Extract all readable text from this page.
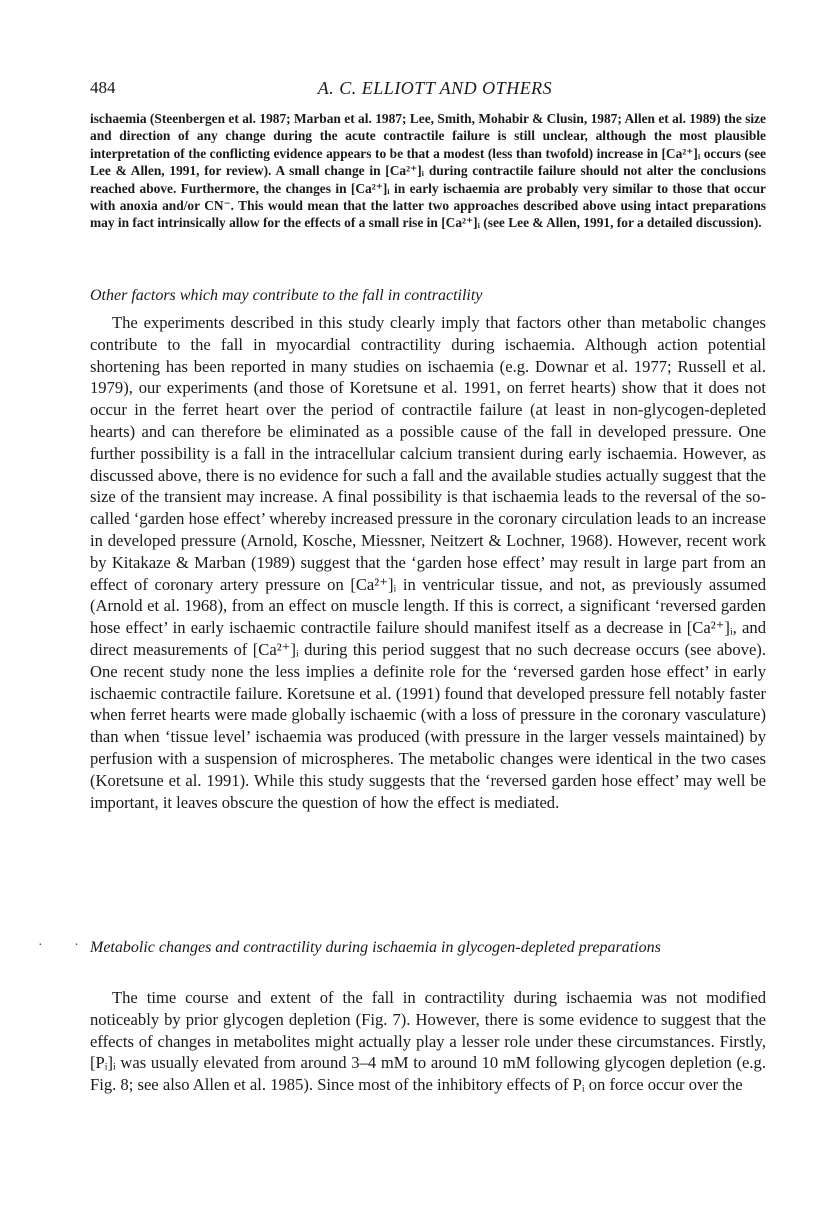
484	A. C. ELLIOTT AND OTHERS
ischaemia (Steenbergen et al. 1987; Marban et al. 1987; Lee, Smith, Mohabir & Clusin, 1987; Allen et al. 1989) the size and direction of any change during the acute contractile failure is still unclear, although the most plausible interpretation of the conflicting evidence appears to be that a modest (less than twofold) increase in [Ca²⁺]ᵢ occurs (see Lee & Allen, 1991, for review). A small change in [Ca²⁺]ᵢ during contractile failure should not alter the conclusions reached above. Furthermore, the changes in [Ca²⁺]ᵢ in early ischaemia are probably very similar to those that occur with anoxia and/or CN⁻. This would mean that the latter two approaches described above using intact preparations may in fact intrinsically allow for the effects of a small rise in [Ca²⁺]ᵢ (see Lee & Allen, 1991, for a detailed discussion).
Other factors which may contribute to the fall in contractility
The experiments described in this study clearly imply that factors other than metabolic changes contribute to the fall in myocardial contractility during ischaemia. Although action potential shortening has been reported in many studies on ischaemia (e.g. Downar et al. 1977; Russell et al. 1979), our experiments (and those of Koretsune et al. 1991, on ferret hearts) show that it does not occur in the ferret heart over the period of contractile failure (at least in non-glycogen-depleted hearts) and can therefore be eliminated as a possible cause of the fall in developed pressure. One further possibility is a fall in the intracellular calcium transient during early ischaemia. However, as discussed above, there is no evidence for such a fall and the available studies actually suggest that the size of the transient may increase. A final possibility is that ischaemia leads to the reversal of the so-called ‘garden hose effect’ whereby increased pressure in the coronary circulation leads to an increase in developed pressure (Arnold, Kosche, Miessner, Neitzert & Lochner, 1968). However, recent work by Kitakaze & Marban (1989) suggest that the ‘garden hose effect’ may result in large part from an effect of coronary artery pressure on [Ca²⁺]ᵢ in ventricular tissue, and not, as previously assumed (Arnold et al. 1968), from an effect on muscle length. If this is correct, a significant ‘reversed garden hose effect’ in early ischaemic contractile failure should manifest itself as a decrease in [Ca²⁺]ᵢ, and direct measurements of [Ca²⁺]ᵢ during this period suggest that no such decrease occurs (see above). One recent study none the less implies a definite role for the ‘reversed garden hose effect’ in early ischaemic contractile failure. Koretsune et al. (1991) found that developed pressure fell notably faster when ferret hearts were made globally ischaemic (with a loss of pressure in the coronary vasculature) than when ‘tissue level’ ischaemia was produced (with pressure in the larger vessels maintained) by perfusion with a suspension of microspheres. The metabolic changes were identical in the two cases (Koretsune et al. 1991). While this study suggests that the ‘reversed garden hose effect’ may well be important, it leaves obscure the question of how the effect is mediated.
· ·
Metabolic changes and contractility during ischaemia in glycogen-depleted preparations
The time course and extent of the fall in contractility during ischaemia was not modified noticeably by prior glycogen depletion (Fig. 7). However, there is some evidence to suggest that the effects of changes in metabolites might actually play a lesser role under these circumstances. Firstly, [Pᵢ]ᵢ was usually elevated from around 3–4 mM to around 10 mM following glycogen depletion (e.g. Fig. 8; see also Allen et al. 1985). Since most of the inhibitory effects of Pᵢ on force occur over the
